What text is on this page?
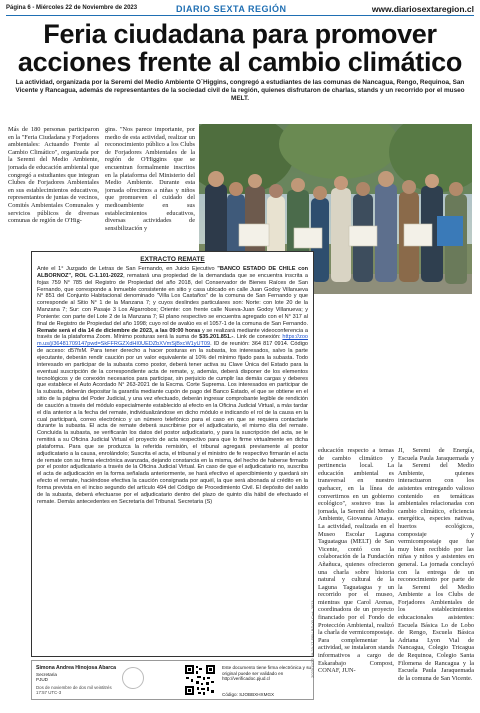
Página 6 - Miércoles 22 de Noviembre de 2023	DIARIO SEXTA REGIÓN	www.diariosextaregion.cl
Feria ciudadana para promover acciones frente al cambio climático

La actividad, organizada por la Seremi del Medio Ambiente O´Higgins, congregó a estudiantes de las comunas de Nancagua, Rengo, Requinoa, San Vicente y Rancagua, además de representantes de la sociedad civil de la región, quienes disfrutaron de charlas, stands y un recorrido por el museo MELT.

Más de 180 personas participaron en la "Feria Ciudadana y Forjadores ambientales: Actuando Frente al Cambio Climático", organizada por la Seremi del Medio Ambiente, jornada de educación ambiental que congregó a estudiantes que integran Clubes de Forjadores Ambientales en sus establecimientos educativos, representantes de juntas de vecinos, Comités Ambientales Comunales y servicios públicos de diversas comunas de región de O'Hig-
gins. "Nos parece importante, por medio de esta actividad, realizar un reconocimiento público a los Clubs de Forjadores Ambientales de la región de O'Higgins que se encuentran formalmente inscritos en la plataforma del Ministerio del Medio Ambiente. Durante esta jornada ofrecimos a niñas y niños que promueven el cuidado del medioambiente en sus establecimientos educativos, diversas actividades de sensibilización y
EXTRACTO REMATE
Ante el 1° Juzgado de Letras de San Fernando, en Juicio Ejecutivo "BANCO ESTADO DE CHILE con ALBORNOZ", ROL C-1.101-2022, rematará una propiedad de la demandada que se encuentra inscrita a fojas 759 N° 785 del Registro de Propiedad del año 2018, del Conservador de Bienes Raíces de San Fernando, que corresponde a Inmueble consistente en sitio y casa ubicado en calle Juan Godoy Villanueva N° 851 del Conjunto Habitacional denominado "Villa Los Castaños" de la comuna de San Fernando y que corresponde al Sitio N° 1 de la Manzana 7; y cuyos deslindes particulares son: Norte: con lote 20 de la Manzana 7; Sur: con Pasaje 3 Los Algarrobos; Oriente: con frente calle Nueva-Juan Godoy Villanueva; y Poniente: con parte del Lote 2 de la Manzana 7; El plano respectivo se encuentra agregado con el N° 317 al final de Registro de Propiedad del año 1998; cuyo rol de avalúo es el 1057-1 de la comuna de San Fernando. Remate será el día 14 de diciembre de 2023, a las 09:00 horas y se realizará mediante videoconferencia a través de la plataforma Zoom. Mínimo posturas será la suma de $35.201.851.-. Link de conexión: https://zoom.us/j/36481709147pwd=SkFFRGZXdHI0UEDZbXVmSjBxcW1yUT09. ID de reunión: 364 817 0914. Código de acceso: d57fxM. Para tener derecho a hacer posturas en la subasta, los interesados, salvo la parte ejecutante, deberán rendir caución por un valor equivalente al 10% del mínimo fijado para la subasta. Todo interesado en participar de la subasta como postor, deberá tener activa su Clave Única del Estado para la eventual suscripción de la correspondiente acta de remate, y, además, deberá disponer de los elementos tecnológicos y de conexión necesarios para participar, sin perjuicio de cumplir las demás cargas y deberes que establece el Auto Acordado N° 263-2021 de la Excma. Corte Suprema. Los interesados en participar de la subasta, deberán depositar la garantía mediante cupón de pago del Banco Estado, el que se obtiene en el sitio de la página del Poder Judicial, y una vez efectuado, deberán ingresar comprobante legible de rendición de caución a través del módulo especialmente establecido al efecto en la Oficina Judicial Virtual, a más tardar el día anterior a la fecha del remate, individualizándose en dicho módulo e indicando el rol de la causa en la cual participará, correo electrónico y un número telefónico para el caso en que se requiera contactarle durante la subasta. El acta de remate deberá suscribirse por el adjudicatario, el mismo día del remate. Concluida la subasta, se verificarán los datos del postor adjudicatario, y para la suscripción del acta, se le remitirá a su Oficina Judicial Virtual el proyecto de acta respectivo para que lo firme virtualmente en dicha plataforma. Para que se produzca la referida remisión, el tribunal agregará previamente al postor adjudicatario a la causa, enrolándolo; Suscrita el acta, el tribunal y el ministro de fe respectivo firmarán el acta de remate con su firma electrónica avanzada, dejando constancia en la misma, del hecho de haberse firmado por el postor adjudicatario a través de la Oficina Judicial Virtual. En caso de que el adjudicatario no, suscriba el acta de adjudicación en la forma señalada anteriormente, se hará efectivo el apercibimiento y quedará sin efecto el remate, haciéndose efectiva la caución consignada por aquél, la que será abonada al crédito en la forma prevista en el inciso segundo del artículo 494 del Código de Procedimiento Civil. El depósito del saldo de la subasta, deberá efectuarse por el adjudicatario dentro del plazo de quinto día hábil de efectuado el remate. Demás antecedentes en Secretaría del Tribunal. Secretaria (S)
Simona Andrea Hinojosa Abarca
Secretaria
PJUD
Dos de noviembre de dos mil veintitrés
17:57 UTC-3
Este documento tiene firma electrónica y su original puede ser validado en http://verificadoc.pjud.cl
Código: SJOBBXHXMGX
2023/11/22 18:23:17 SRV-BD 00 Cod. 2023
educación respecto a temas de cambio climático y pertinencia local. La educación ambiental es transversal en nuestro quehacer, en la línea de convertirnos en un gobierno ecológico", sostuvo tras la jornada, la Seremi del Medio Ambiente, Giovanna Amaya. La actividad, realizada en el Museo Escolar Laguna Taguatagua (MELT) de San Vicente, contó con la colaboración de la Fundación Añañuca, quienes ofrecieron una charla sobre historia natural y cultural de la Laguna Taguatagua y un recorrido por el museo, mientras que Carol Arenas, coordinadora de un proyecto financiado por el Fondo de Protección Ambiental, realizó la charla de vermicompostaje. Para complementar la actividad, se instalaron stands informativos a cargo de Eskarabajo Compost, CONAF, JUN-
JI, Seremi de Energía, Escuela Paula Jaraquemada y la Seremi del Medio Ambiente, quienes interactuaron con los asistentes entregando valioso contenido en temáticas ambientales relacionadas con cambio climático, eficiencia energética, especies nativas, huertos ecológicos, compostaje y vermicompostaje que fue muy bien recibido por las niñas y niños y asistentes en general. La jornada concluyó con la entrega de un reconocimiento por parte de la Seremi del Medio Ambiente a los Clubs de Forjadores Ambientales de los establecimientos educacionales asistentes: Escuela Básica Lo de Lobo de Rengo, Escuela Básica Adriana Lyon Vial de Nancagua, Colegio Tricagua de Requinoa, Colegio Santa Filomena de Rancagua y la Escuela Paula Jaraquemada de la comuna de San Vicente.
